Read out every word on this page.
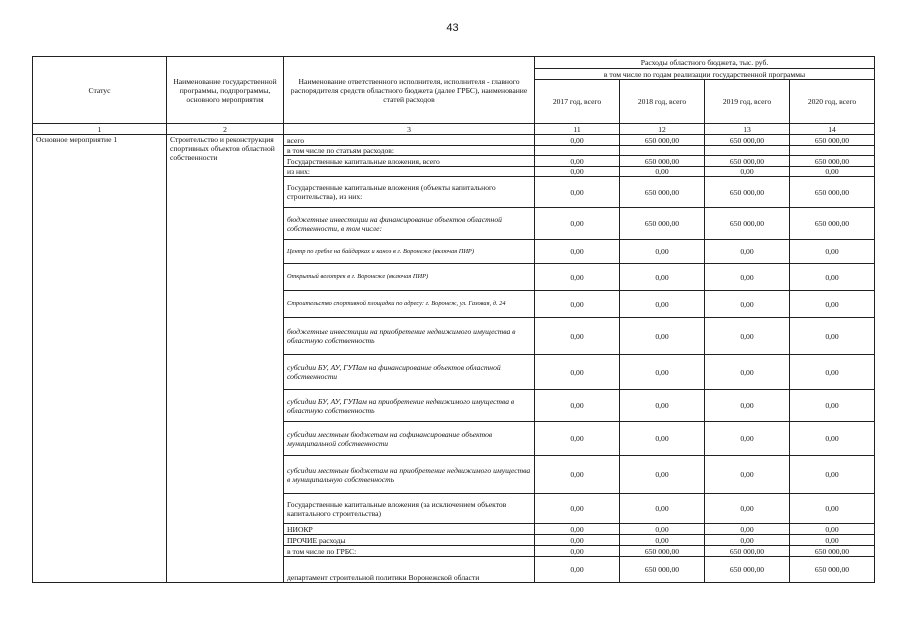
43
Статус	Наименование государственной программы, подпрограммы, основного мероприятия	Наименование ответственного исполнителя, исполнителя - главного распорядителя средств областного бюджета (далее ГРБС), наименование статей расходов	Расходы областного бюджета, тыс. руб.			
			в том числе по годам реализации государственной программы			
			2017 год, всего	2018 год, всего	2019 год, всего	2020 год, всего
1	2	3	11	12	13	14
Основное мероприятие 1	Строительство и реконструкция спортивных объектов областной собственности	всего	0,00	650 000,00	650 000,00	650 000,00
		в том числе по статьям расходов:				
		Государственные капитальные вложения, всего	0,00	650 000,00	650 000,00	650 000,00
		из них:	0,00	0,00	0,00	0,00
		Государственные капитальные вложения (объекты капитального строительства), из них:	0,00	650 000,00	650 000,00	650 000,00
		бюджетные инвестиции на финансирование объектов областной собственности, в том числе:	0,00	650 000,00	650 000,00	650 000,00
		Центр по гребле на байдарках и каноэ в г. Воронеже (включая ПИР)	0,00	0,00	0,00	0,00
		Открытый велотрек в г. Воронеже (включая ПИР)	0,00	0,00	0,00	0,00
		Строительство спортивной площадки по адресу: г. Воронеж, ул. Газовая, д. 24	0,00	0,00	0,00	0,00
		бюджетные инвестиции на приобретение недвижимого имущества в областную собственность	0,00	0,00	0,00	0,00
		субсидии БУ, АУ, ГУПам на финансирование объектов областной собственности	0,00	0,00	0,00	0,00
		субсидии БУ, АУ, ГУПам на приобретение недвижимого имущества в областную собственность	0,00	0,00	0,00	0,00
		субсидии местным бюджетам на софинансирование объектов муниципальной собственности	0,00	0,00	0,00	0,00
		субсидии местным бюджетам на приобретение недвижимого имущества в муниципальную собственность	0,00	0,00	0,00	0,00
		Государственные капитальные вложения (за исключением объектов капитального строительства)	0,00	0,00	0,00	0,00
		НИОКР	0,00	0,00	0,00	0,00
		ПРОЧИЕ расходы	0,00	0,00	0,00	0,00
		в том числе по ГРБС:	0,00	650 000,00	650 000,00	650 000,00
		департамент строительной политики Воронежской области	0,00	650 000,00	650 000,00	650 000,00
